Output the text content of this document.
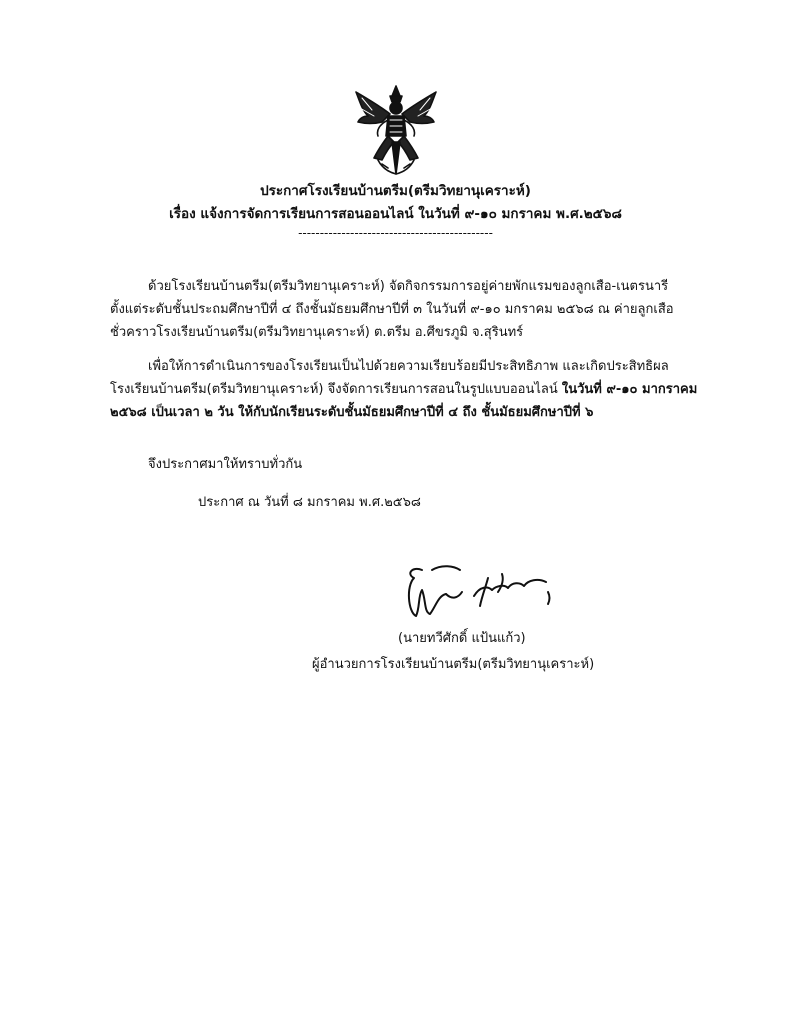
ประกาศโรงเรียนบ้านตรีม(ตรีมวิทยานุเคราะห์)
เรื่อง แจ้งการจัดการเรียนการสอนออนไลน์ ในวันที่ ๙-๑๐ มกราคม พ.ศ.๒๕๖๘
---------------------------------------------
ด้วยโรงเรียนบ้านตรีม(ตรีมวิทยานุเคราะห์) จัดกิจกรรมการอยู่ค่ายพักแรมของลูกเสือ-เนตรนารี
ตั้งแต่ระดับชั้นประถมศึกษาปีที่ ๔ ถึงชั้นมัธยมศึกษาปีที่ ๓ ในวันที่ ๙-๑๐ มกราคม ๒๕๖๘ ณ ค่ายลูกเสือ
ชั่วคราวโรงเรียนบ้านตรีม(ตรีมวิทยานุเคราะห์) ต.ตรีม อ.ศีขรภูมิ จ.สุรินทร์
เพื่อให้การดำเนินการของโรงเรียนเป็นไปด้วยความเรียบร้อยมีประสิทธิภาพ และเกิดประสิทธิผล
โรงเรียนบ้านตรีม(ตรีมวิทยานุเคราะห์) จึงจัดการเรียนการสอนในรูปแบบออนไลน์ ในวันที่ ๙-๑๐ มากราคม
๒๕๖๘ เป็นเวลา ๒ วัน ให้กับนักเรียนระดับชั้นมัธยมศึกษาปีที่ ๔ ถึง ชั้นมัธยมศึกษาปีที่ ๖
จึงประกาศมาให้ทราบทั่วกัน
ประกาศ ณ วันที่ ๘ มกราคม พ.ศ.๒๕๖๘
(นายทวีศักดิ์ แป้นแก้ว)
ผู้อำนวยการโรงเรียนบ้านตรีม(ตรีมวิทยานุเคราะห์)
